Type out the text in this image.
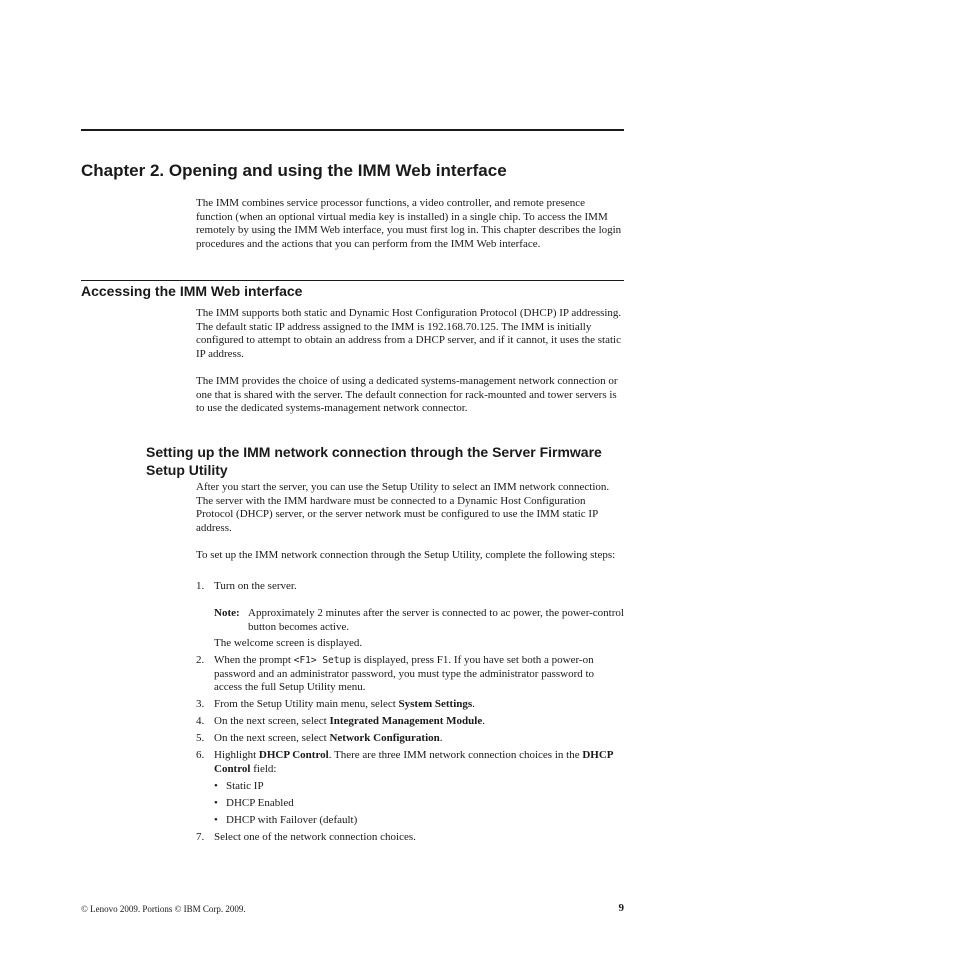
Chapter 2. Opening and using the IMM Web interface

The IMM combines service processor functions, a video controller, and remote presence function (when an optional virtual media key is installed) in a single chip. To access the IMM remotely by using the IMM Web interface, you must first log in. This chapter describes the login procedures and the actions that you can perform from the IMM Web interface.

Accessing the IMM Web interface

The IMM supports both static and Dynamic Host Configuration Protocol (DHCP) IP addressing. The default static IP address assigned to the IMM is 192.168.70.125. The IMM is initially configured to attempt to obtain an address from a DHCP server, and if it cannot, it uses the static IP address.

The IMM provides the choice of using a dedicated systems-management network connection or one that is shared with the server. The default connection for rack-mounted and tower servers is to use the dedicated systems-management network connector.

Setting up the IMM network connection through the Server Firmware Setup Utility

After you start the server, you can use the Setup Utility to select an IMM network connection. The server with the IMM hardware must be connected to a Dynamic Host Configuration Protocol (DHCP) server, or the server network must be configured to use the IMM static IP address.

To set up the IMM network connection through the Setup Utility, complete the following steps:

1. Turn on the server.
Note: Approximately 2 minutes after the server is connected to ac power, the power-control button becomes active.

The welcome screen is displayed.

2. When the prompt <F1> Setup is displayed, press F1. If you have set both a power-on password and an administrator password, you must type the administrator password to access the full Setup Utility menu.
3. From the Setup Utility main menu, select System Settings.
4. On the next screen, select Integrated Management Module.
5. On the next screen, select Network Configuration.
6. Highlight DHCP Control. There are three IMM network connection choices in the DHCP Control field:
• Static IP
• DHCP Enabled
• DHCP with Failover (default)
7. Select one of the network connection choices.

© Lenovo 2009. Portions © IBM Corp. 2009.	9
